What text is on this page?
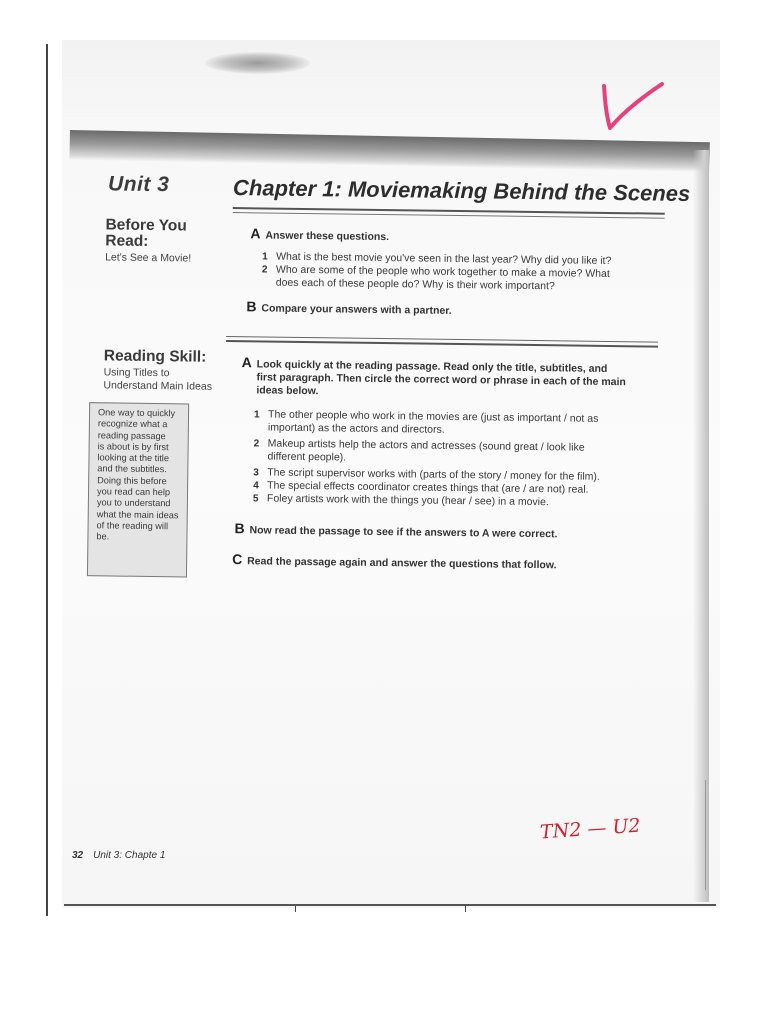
Unit 3	Chapter 1: Moviemaking Behind the Scenes
Before You
Read:
Let's See a Movie!
A Answer these questions.
1 What is the best movie you've seen in the last year? Why did you like it?
2 Who are some of the people who work together to make a movie? What
does each of these people do? Why is their work important?
B Compare your answers with a partner.
Reading Skill:
Using Titles to
Understand Main Ideas
One way to quickly
recognize what a
reading passage
is about is by first
looking at the title
and the subtitles.
Doing this before
you read can help
you to understand
what the main ideas
of the reading will
be.
A Look quickly at the reading passage. Read only the title, subtitles, and
first paragraph. Then circle the correct word or phrase in each of the main
ideas below.
1 The other people who work in the movies are (just as important / not as
important) as the actors and directors.
2 Makeup artists help the actors and actresses (sound great / look like
different people).
3 The script supervisor works with (parts of the story / money for the film).
4 The special effects coordinator creates things that (are / are not) real.
5 Foley artists work with the things you (hear / see) in a movie.
B Now read the passage to see if the answers to A were correct.
C Read the passage again and answer the questions that follow.
32 Unit 3: Chapte 1
TN2 — U2
